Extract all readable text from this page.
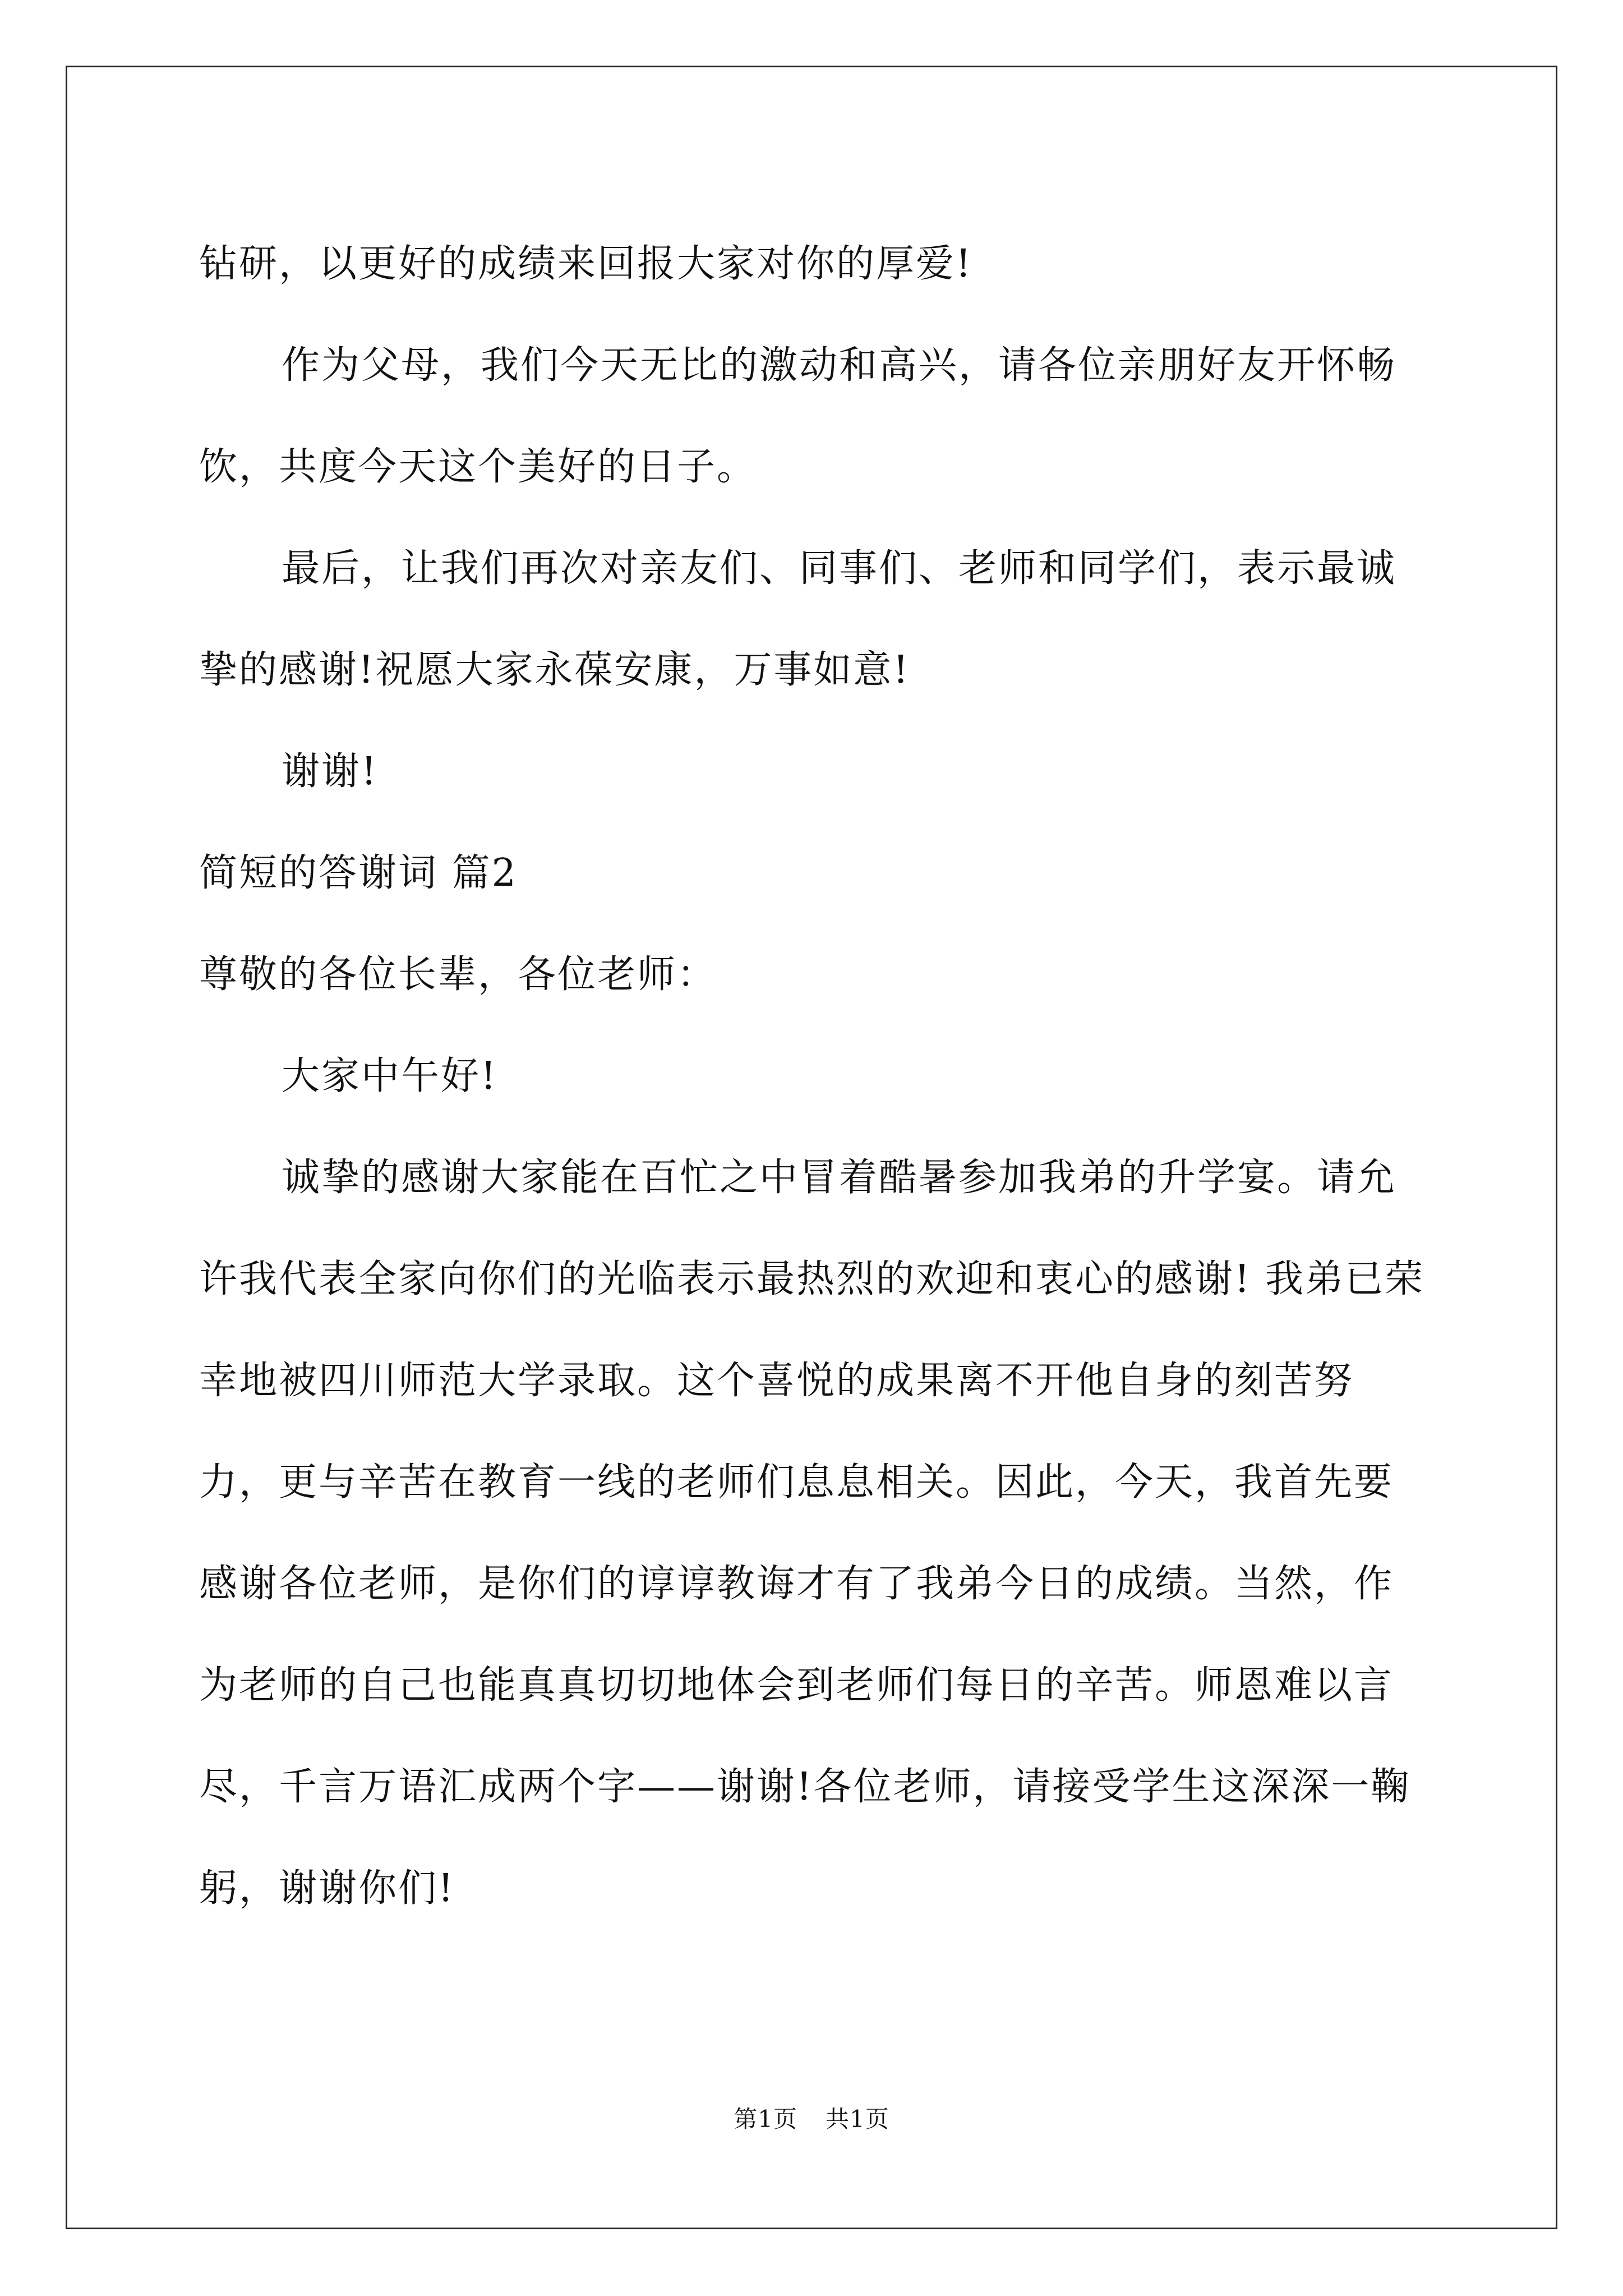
钻研，以更好的成绩来回报大家对你的厚爱!

作为父母，我们今天无比的激动和高兴，请各位亲朋好友开怀畅饮，共度今天这个美好的日子。

最后，让我们再次对亲友们、同事们、老师和同学们，表示最诚挚的感谢!祝愿大家永葆安康，万事如意!

谢谢!

简短的答谢词 篇2

尊敬的各位长辈，各位老师：

大家中午好!

诚挚的感谢大家能在百忙之中冒着酷暑参加我弟的升学宴。请允许我代表全家向你们的光临表示最热烈的欢迎和衷心的感谢! 我弟已荣幸地被四川师范大学录取。这个喜悦的成果离不开他自身的刻苦努力，更与辛苦在教育一线的老师们息息相关。因此，今天，我首先要感谢各位老师，是你们的谆谆教诲才有了我弟今日的成绩。当然，作为老师的自己也能真真切切地体会到老师们每日的辛苦。师恩难以言尽，千言万语汇成两个字——谢谢!各位老师，请接受学生这深深一鞠躬，谢谢你们!

第1页 共1页
